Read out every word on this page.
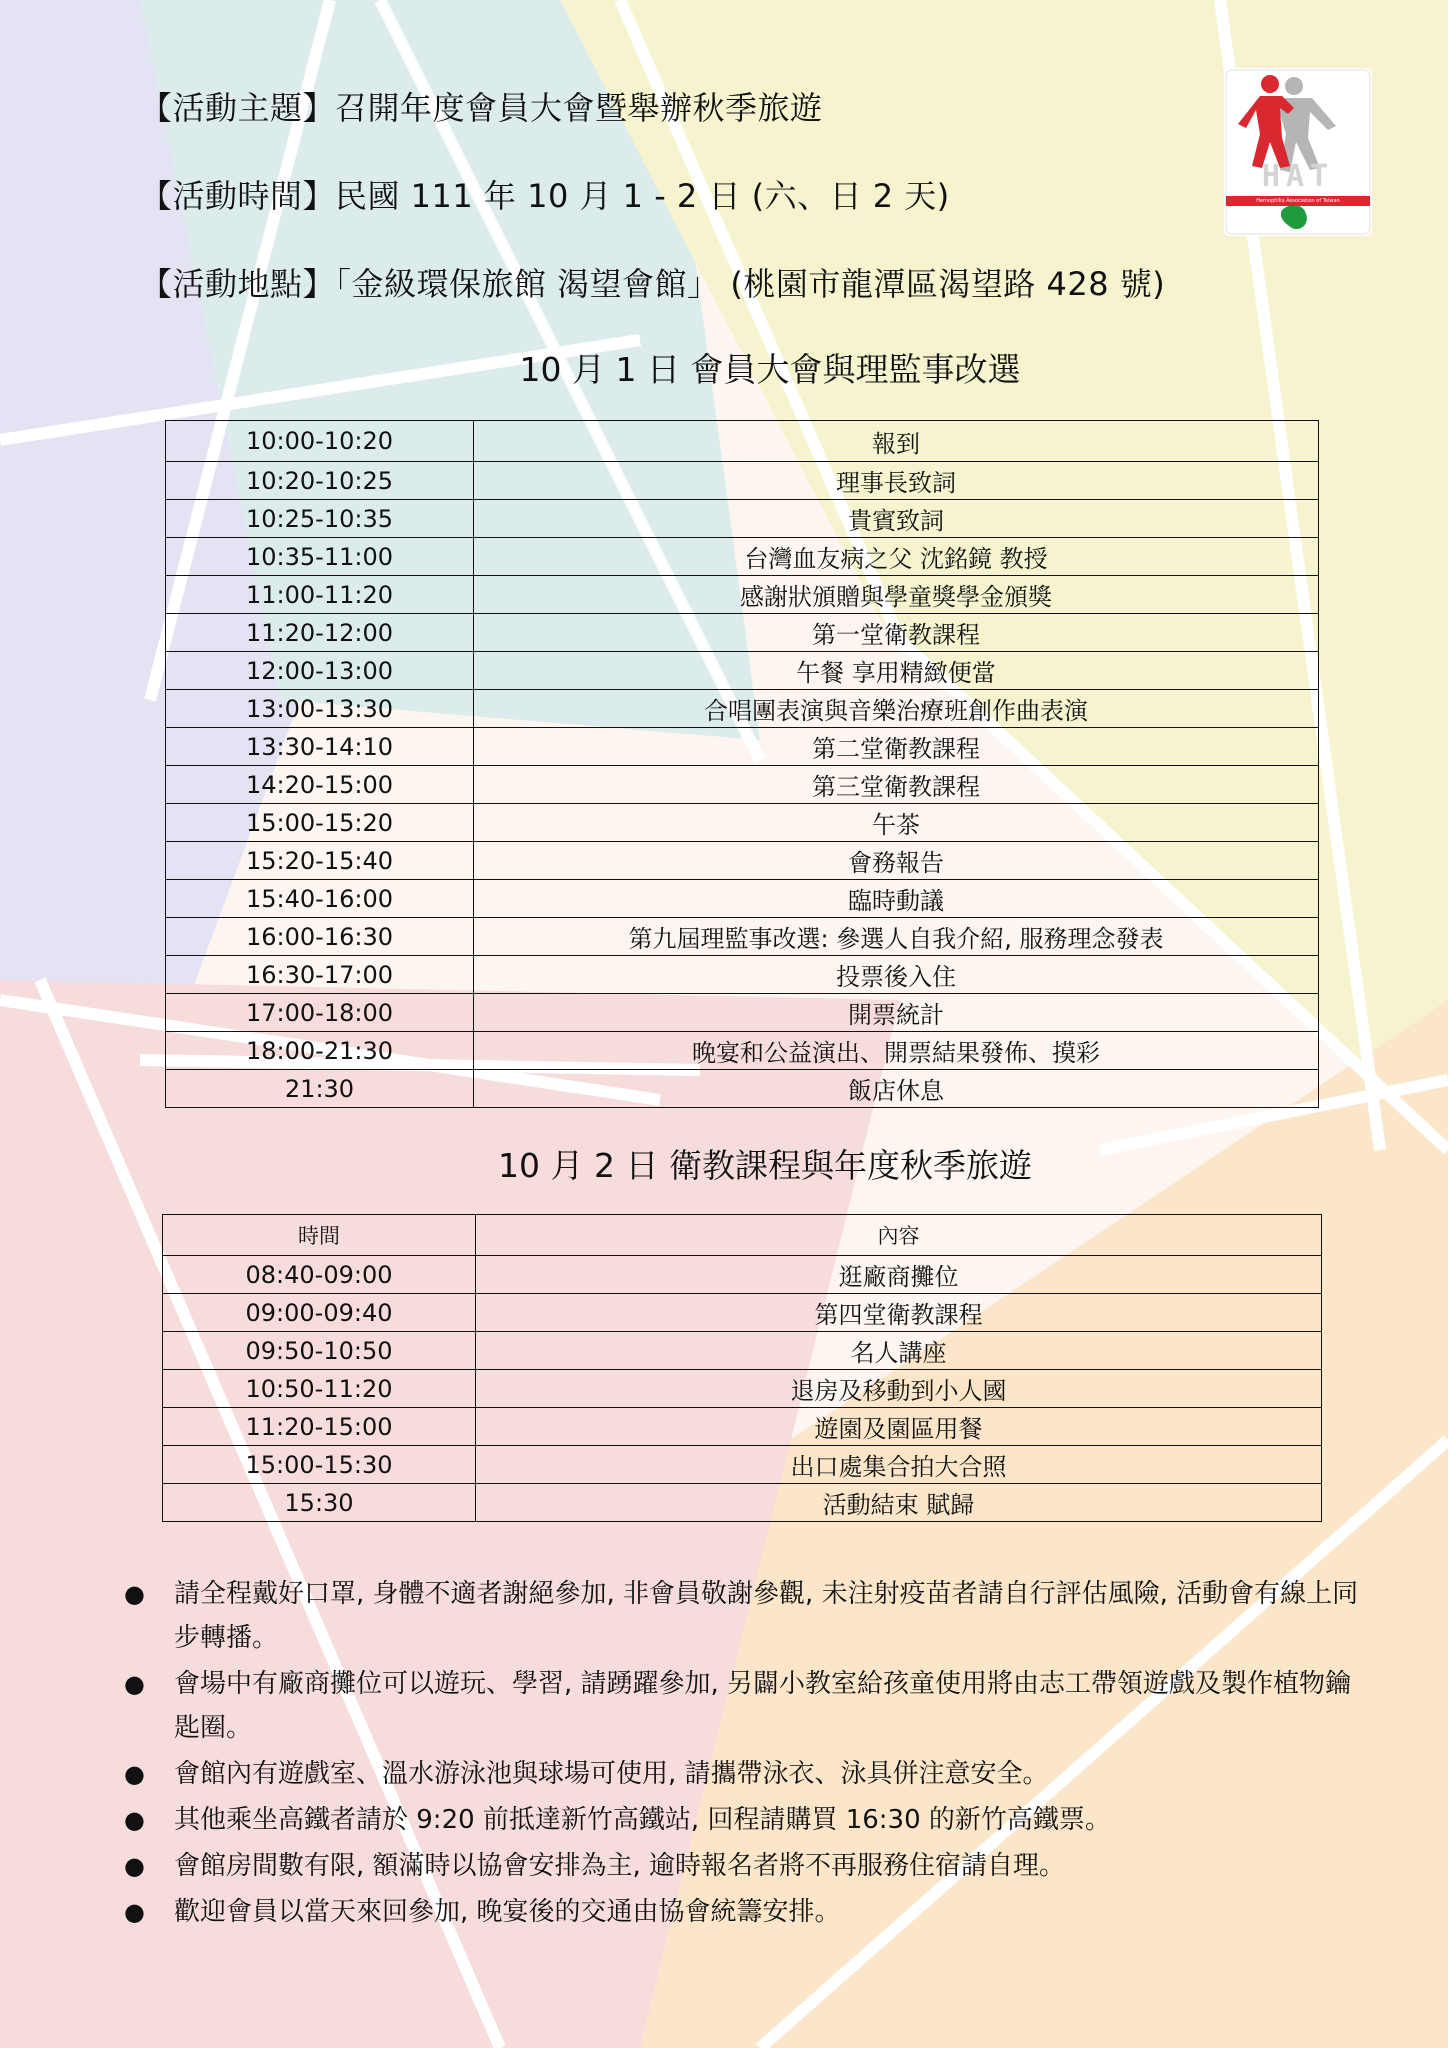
【活動主題】召開年度會員大會暨舉辦秋季旅遊
【活動時間】民國 111 年 10 月 1 - 2 日 (六、日 2 天)
【活動地點】「金級環保旅館 渴望會館」 (桃園市龍潭區渴望路 428 號)
HAT
Hemophilia Association of Taiwan
10 月 1 日 會員大會與理監事改選
10:00-10:20	報到
10:20-10:25	理事長致詞
10:25-10:35	貴賓致詞
10:35-11:00	台灣血友病之父 沈銘鏡 教授
11:00-11:20	感謝狀頒贈與學童獎學金頒獎
11:20-12:00	第一堂衛教課程
12:00-13:00	午餐 享用精緻便當
13:00-13:30	合唱團表演與音樂治療班創作曲表演
13:30-14:10	第二堂衛教課程
14:20-15:00	第三堂衛教課程
15:00-15:20	午茶
15:20-15:40	會務報告
15:40-16:00	臨時動議
16:00-16:30	第九屆理監事改選: 參選人自我介紹, 服務理念發表
16:30-17:00	投票後入住
17:00-18:00	開票統計
18:00-21:30	晚宴和公益演出、開票結果發佈、摸彩
21:30	飯店休息
10 月 2 日 衛教課程與年度秋季旅遊
時間	內容
08:40-09:00	逛廠商攤位
09:00-09:40	第四堂衛教課程
09:50-10:50	名人講座
10:50-11:20	退房及移動到小人國
11:20-15:00	遊園及園區用餐
15:00-15:30	出口處集合拍大合照
15:30	活動結束 賦歸
● 請全程戴好口罩, 身體不適者謝絕參加, 非會員敬謝參觀, 未注射疫苗者請自行評估風險, 活動會有線上同步轉播。
● 會場中有廠商攤位可以遊玩、學習, 請踴躍參加, 另闢小教室給孩童使用將由志工帶領遊戲及製作植物鑰匙圈。
● 會館內有遊戲室、溫水游泳池與球場可使用, 請攜帶泳衣、泳具併注意安全。
● 其他乘坐高鐵者請於 9:20 前抵達新竹高鐵站, 回程請購買 16:30 的新竹高鐵票。
● 會館房間數有限, 額滿時以協會安排為主, 逾時報名者將不再服務住宿請自理。
● 歡迎會員以當天來回參加, 晚宴後的交通由協會統籌安排。
